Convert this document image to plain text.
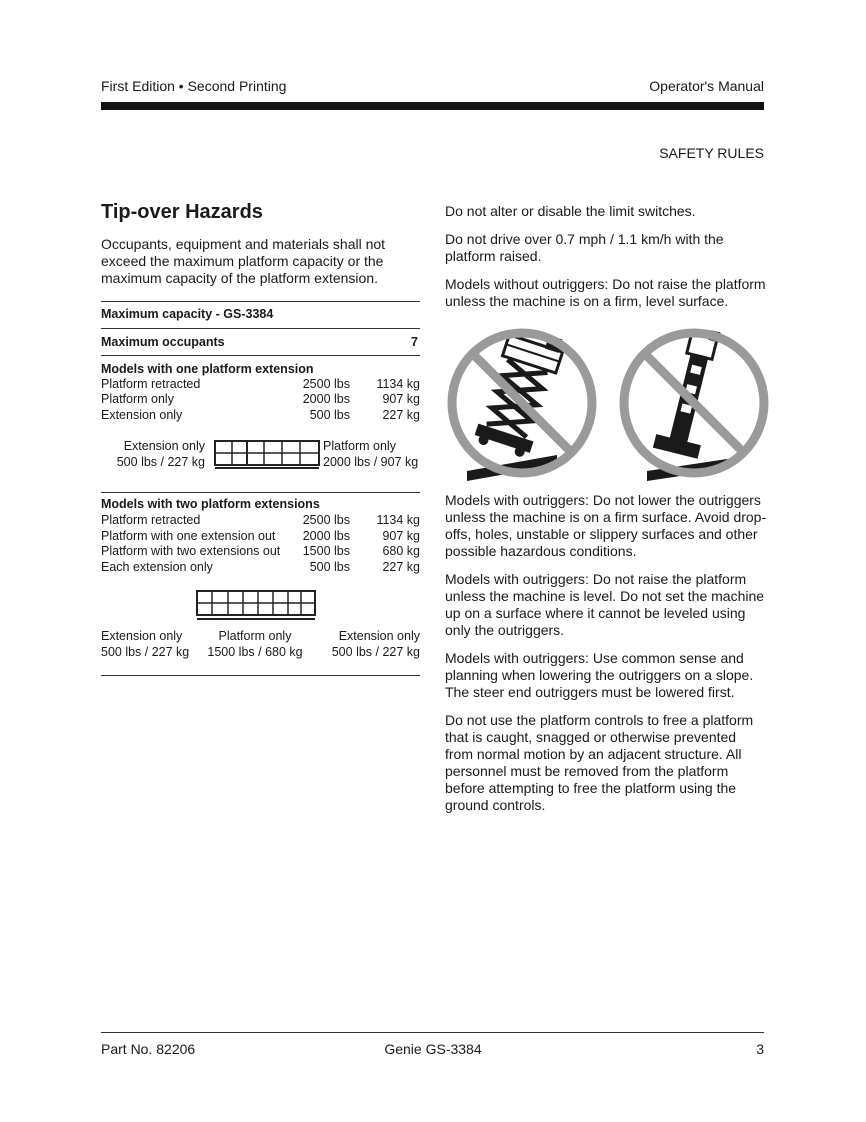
First Edition • Second Printing	Operator's Manual
SAFETY RULES
Tip-over Hazards
Occupants, equipment and materials shall not exceed the maximum platform capacity or the maximum capacity of the platform extension.
Maximum capacity - GS-3384
Maximum occupants	7
Models with one platform extension
Platform retracted	2500 lbs	1134 kg
Platform only	2000 lbs	907 kg
Extension only	500 lbs	227 kg
Extension only
500 lbs / 227 kg
Platform only
2000 lbs / 907 kg
Models with two platform extensions
Platform retracted	2500 lbs	1134 kg
Platform with one extension out	2000 lbs	907 kg
Platform with two extensions out	1500 lbs	680 kg
Each extension only	500 lbs	227 kg
Extension only
500 lbs / 227 kg
Platform only
1500 lbs / 680 kg
Extension only
500 lbs / 227 kg

Do not alter or disable the limit switches.

Do not drive over 0.7 mph / 1.1 km/h with the platform raised.

Models without outriggers: Do not raise the platform unless the machine is on a firm, level surface.

Models with outriggers: Do not lower the outriggers unless the machine is on a firm surface. Avoid drop-offs, holes, unstable or slippery surfaces and other possible hazardous conditions.

Models with outriggers: Do not raise the platform unless the machine is level. Do not set the machine up on a surface where it cannot be leveled using only the outriggers.

Models with outriggers: Use common sense and planning when lowering the outriggers on a slope. The steer end outriggers must be lowered first.

Do not use the platform controls to free a platform that is caught, snagged or otherwise prevented from normal motion by an adjacent structure. All personnel must be removed from the platform before attempting to free the platform using the ground controls.

Part No. 82206	Genie GS-3384	3
